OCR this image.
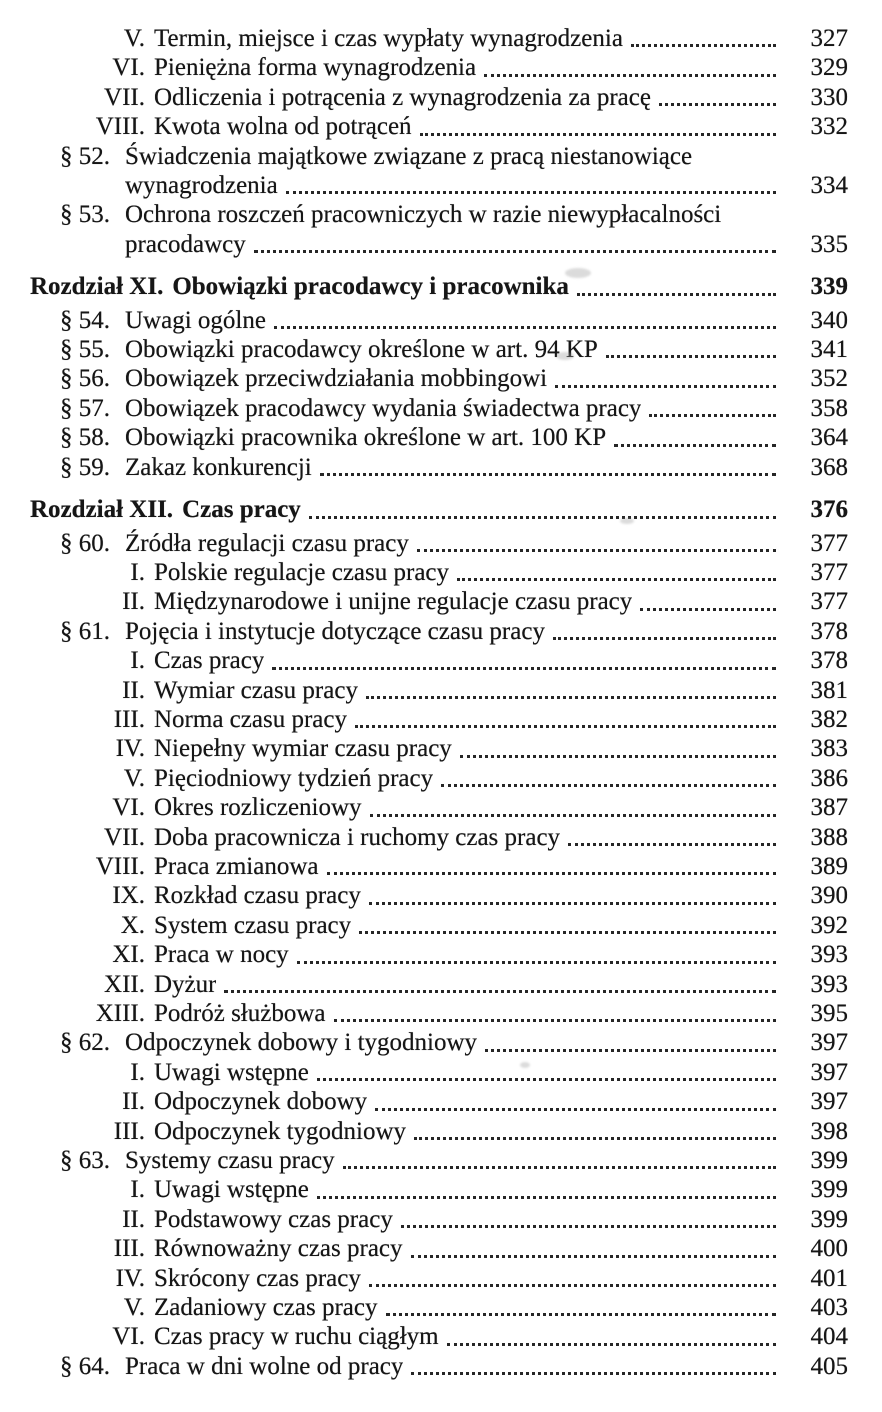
V. Termin, miejsce i czas wypłaty wynagrodzenia	327
VI. Pieniężna forma wynagrodzenia	329
VII. Odliczenia i potrącenia z wynagrodzenia za pracę	330
VIII. Kwota wolna od potrąceń	332
§ 52. Świadczenia majątkowe związane z pracą niestanowiące
wynagrodzenia	334
§ 53. Ochrona roszczeń pracowniczych w razie niewypłacalności
pracodawcy	335
Rozdział XI. Obowiązki pracodawcy i pracownika	339
§ 54. Uwagi ogólne	340
§ 55. Obowiązki pracodawcy określone w art. 94 KP	341
§ 56. Obowiązek przeciwdziałania mobbingowi	352
§ 57. Obowiązek pracodawcy wydania świadectwa pracy	358
§ 58. Obowiązki pracownika określone w art. 100 KP	364
§ 59. Zakaz konkurencji	368
Rozdział XII. Czas pracy	376
§ 60. Źródła regulacji czasu pracy	377
I. Polskie regulacje czasu pracy	377
II. Międzynarodowe i unijne regulacje czasu pracy	377
§ 61. Pojęcia i instytucje dotyczące czasu pracy	378
I. Czas pracy	378
II. Wymiar czasu pracy	381
III. Norma czasu pracy	382
IV. Niepełny wymiar czasu pracy	383
V. Pięciodniowy tydzień pracy	386
VI. Okres rozliczeniowy	387
VII. Doba pracownicza i ruchomy czas pracy	388
VIII. Praca zmianowa	389
IX. Rozkład czasu pracy	390
X. System czasu pracy	392
XI. Praca w nocy	393
XII. Dyżur	393
XIII. Podróż służbowa	395
§ 62. Odpoczynek dobowy i tygodniowy	397
I. Uwagi wstępne	397
II. Odpoczynek dobowy	397
III. Odpoczynek tygodniowy	398
§ 63. Systemy czasu pracy	399
I. Uwagi wstępne	399
II. Podstawowy czas pracy	399
III. Równoważny czas pracy	400
IV. Skrócony czas pracy	401
V. Zadaniowy czas pracy	403
VI. Czas pracy w ruchu ciągłym	404
§ 64. Praca w dni wolne od pracy	405
